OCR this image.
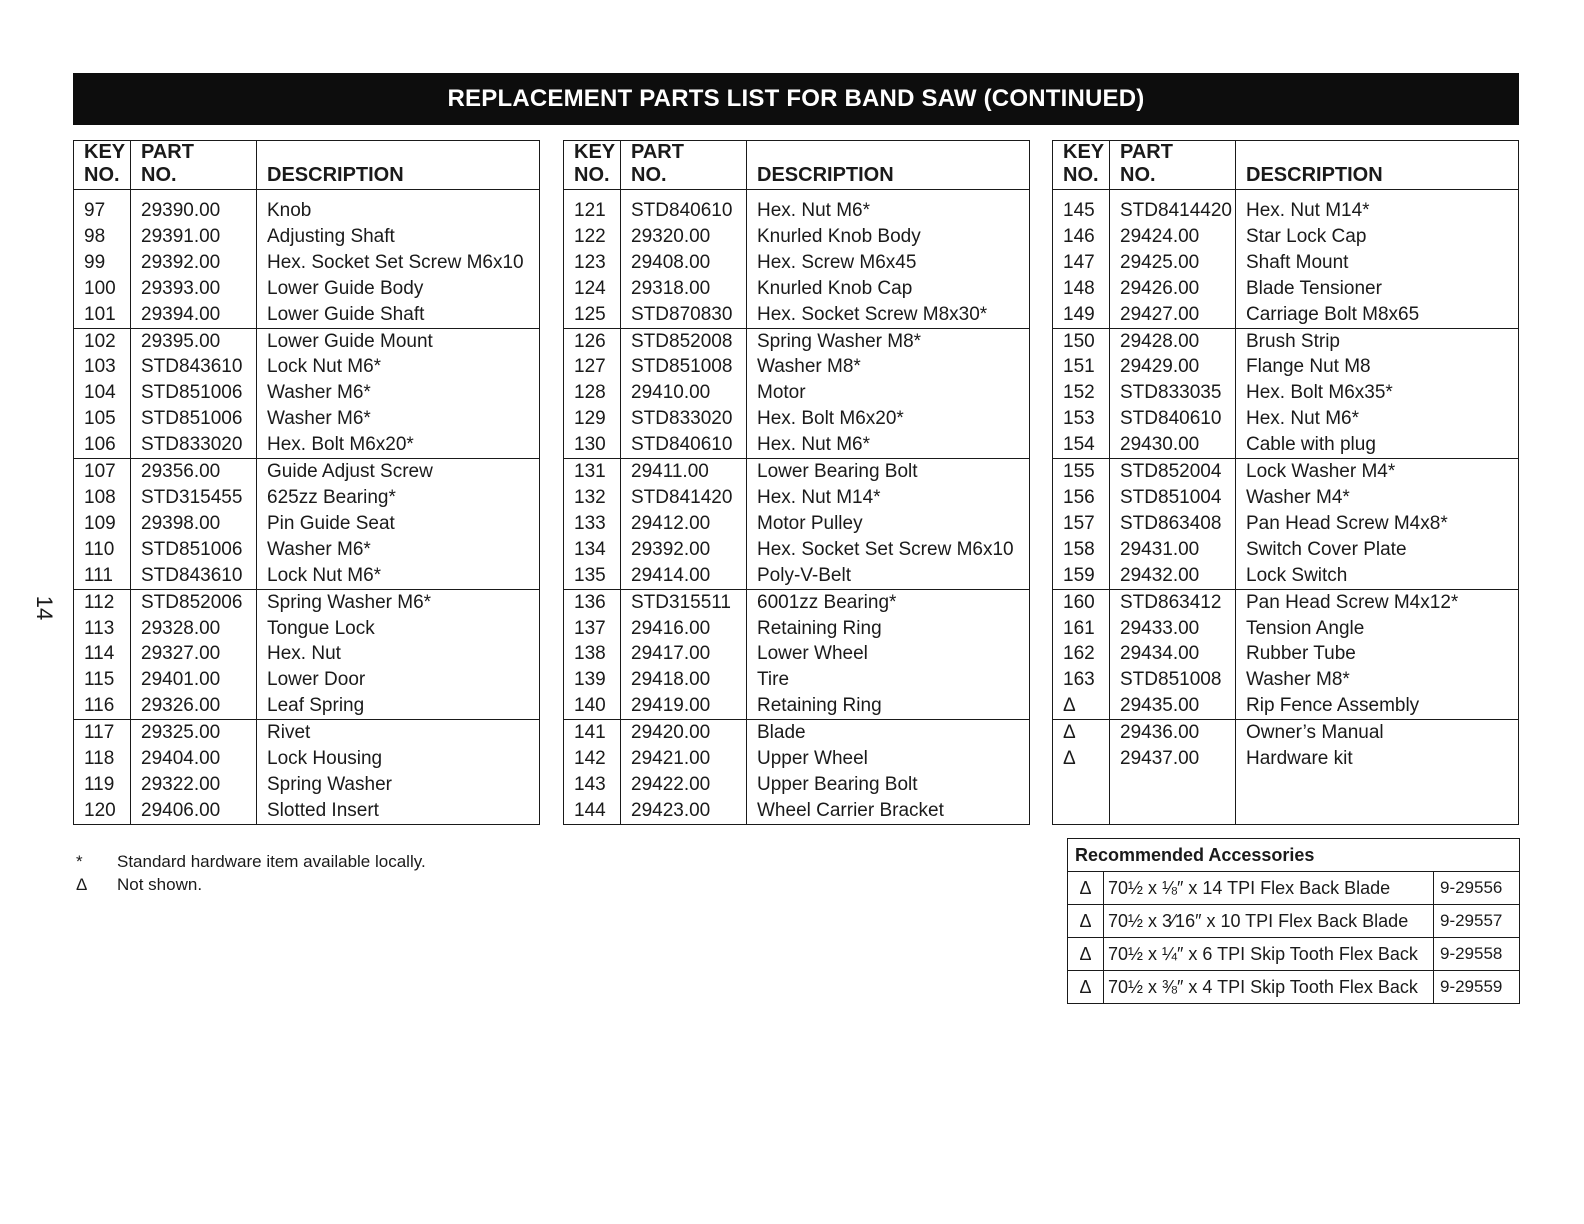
REPLACEMENT PARTS LIST FOR BAND SAW (CONTINUED)
14
KEY
NO.	PART
NO.	DESCRIPTION
97	29390.00	Knob
98	29391.00	Adjusting Shaft
99	29392.00	Hex. Socket Set Screw M6x10
100	29393.00	Lower Guide Body
101	29394.00	Lower Guide Shaft
102	29395.00	Lower Guide Mount
103	STD843610	Lock Nut M6*
104	STD851006	Washer M6*
105	STD851006	Washer M6*
106	STD833020	Hex. Bolt M6x20*
107	29356.00	Guide Adjust Screw
108	STD315455	625zz Bearing*
109	29398.00	Pin Guide Seat
110	STD851006	Washer M6*
111	STD843610	Lock Nut M6*
112	STD852006	Spring Washer M6*
113	29328.00	Tongue Lock
114	29327.00	Hex. Nut
115	29401.00	Lower Door
116	29326.00	Leaf Spring
117	29325.00	Rivet
118	29404.00	Lock Housing
119	29322.00	Spring Washer
120	29406.00	Slotted Insert
KEY
NO.	PART
NO.	DESCRIPTION
121	STD840610	Hex. Nut M6*
122	29320.00	Knurled Knob Body
123	29408.00	Hex. Screw M6x45
124	29318.00	Knurled Knob Cap
125	STD870830	Hex. Socket Screw M8x30*
126	STD852008	Spring Washer M8*
127	STD851008	Washer M8*
128	29410.00	Motor
129	STD833020	Hex. Bolt M6x20*
130	STD840610	Hex. Nut M6*
131	29411.00	Lower Bearing Bolt
132	STD841420	Hex. Nut M14*
133	29412.00	Motor Pulley
134	29392.00	Hex. Socket Set Screw M6x10
135	29414.00	Poly-V-Belt
136	STD315511	6001zz Bearing*
137	29416.00	Retaining Ring
138	29417.00	Lower Wheel
139	29418.00	Tire
140	29419.00	Retaining Ring
141	29420.00	Blade
142	29421.00	Upper Wheel
143	29422.00	Upper Bearing Bolt
144	29423.00	Wheel Carrier Bracket
KEY
NO.	PART
NO.	DESCRIPTION
145	STD8414420	Hex. Nut M14*
146	29424.00	Star Lock Cap
147	29425.00	Shaft Mount
148	29426.00	Blade Tensioner
149	29427.00	Carriage Bolt M8x65
150	29428.00	Brush Strip
151	29429.00	Flange Nut M8
152	STD833035	Hex. Bolt M6x35*
153	STD840610	Hex. Nut M6*
154	29430.00	Cable with plug
155	STD852004	Lock Washer M4*
156	STD851004	Washer M4*
157	STD863408	Pan Head Screw M4x8*
158	29431.00	Switch Cover Plate
159	29432.00	Lock Switch
160	STD863412	Pan Head Screw M4x12*
161	29433.00	Tension Angle
162	29434.00	Rubber Tube
163	STD851008	Washer M8*
Δ	29435.00	Rip Fence Assembly
Δ	29436.00	Owner’s Manual
Δ	29437.00	Hardware kit

*	Standard hardware item available locally.
Δ	Not shown.
Recommended Accessories		
Δ	70½ x ⅛″ x 14 TPI Flex Back Blade	9-29556
Δ	70½ x 3⁄16″ x 10 TPI Flex Back Blade	9-29557
Δ	70½ x ¼″ x 6 TPI Skip Tooth Flex Back	9-29558
Δ	70½ x ⅜″ x 4 TPI Skip Tooth Flex Back	9-29559
